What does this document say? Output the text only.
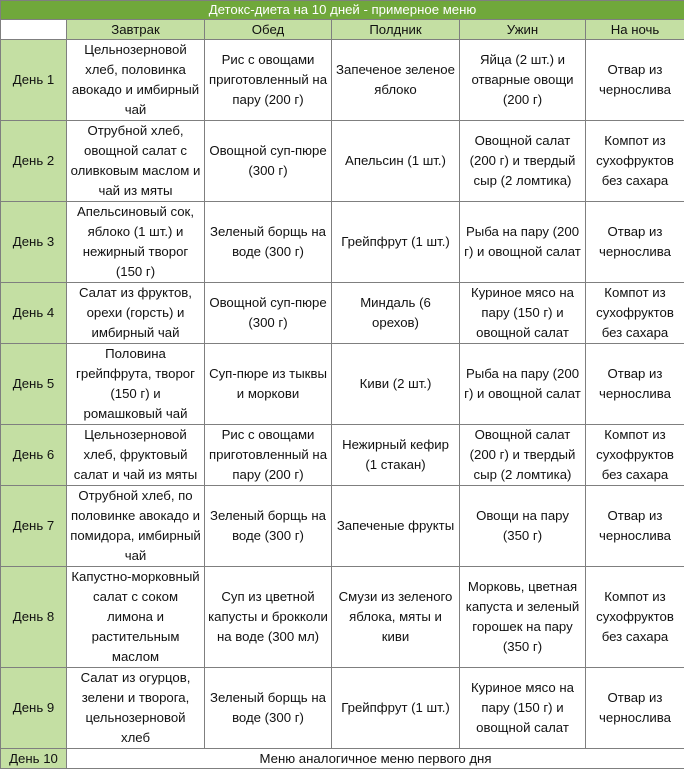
Детокс-диета на 10 дней - примерное меню					
	Завтрак	Обед	Полдник	Ужин	На ночь
День 1	Цельнозерновой хлеб, половинка авокадо и имбирный чай	Рис с овощами приготовленный на пару (200 г)	Запеченое зеленое яблоко	Яйца (2 шт.) и отварные овощи (200 г)	Отвар из чернослива
День 2	Отрубной хлеб, овощной салат с оливковым маслом и чай из мяты	Овощной суп-пюре (300 г)	Апельсин (1 шт.)	Овощной салат (200 г) и твердый сыр (2 ломтика)	Компот из сухофруктов без сахара
День 3	Апельсиновый сок, яблоко (1 шт.) и нежирный творог (150 г)	Зеленый борщь на воде (300 г)	Грейпфрут (1 шт.)	Рыба на пару (200 г) и овощной салат	Отвар из чернослива
День 4	Салат из фруктов, орехи (горсть) и имбирный чай	Овощной суп-пюре (300 г)	Миндаль (6 орехов)	Куриное мясо на пару (150 г) и овощной салат	Компот из сухофруктов без сахара
День 5	Половина грейпфрута, творог (150 г) и ромашковый чай	Суп-пюре из тыквы и моркови	Киви (2 шт.)	Рыба на пару (200 г) и овощной салат	Отвар из чернослива
День 6	Цельнозерновой хлеб, фруктовый салат и чай из мяты	Рис с овощами приготовленный на пару (200 г)	Нежирный кефир (1 стакан)	Овощной салат (200 г) и твердый сыр (2 ломтика)	Компот из сухофруктов без сахара
День 7	Отрубной хлеб, по половинке авокадо и помидора, имбирный чай	Зеленый борщь на воде (300 г)	Запеченые фрукты	Овощи на пару (350 г)	Отвар из чернослива
День 8	Капустно-морковный салат с соком лимона и растительным маслом	Суп из цветной капусты и брокколи на воде (300 мл)	Смузи из зеленого яблока, мяты и киви	Морковь, цветная капуста и зеленый горошек на пару (350 г)	Компот из сухофруктов без сахара
День 9	Салат из огурцов, зелени и творога, цельнозерновой хлеб	Зеленый борщь на воде (300 г)	Грейпфрут (1 шт.)	Куриное мясо на пару (150 г) и овощной салат	Отвар из чернослива
День 10	Меню аналогичное меню первого дня				
